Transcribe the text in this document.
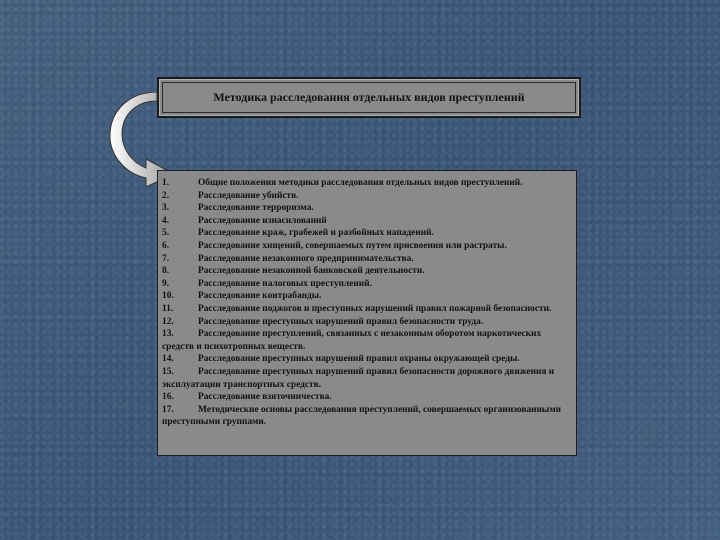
Методика расследования отдельных видов преступлений
1.	Общие положения методики расследования отдельных видов преступлений.
2.	Расследование убийств.
3.	Расследование терроризма.
4.	Расследование изнасилований
5.	Расследование краж, грабежей и разбойных нападений.
6.	Расследование хищений, совершаемых путем присвоения или растраты.
7.	Расследование незаконного предпринимательства.
8.	Расследование незаконной банковской деятельности.
9.	Расследование налоговых преступлений.
10.	Расследование контрабанды.
11.	Расследование поджогов и преступных нарушений правил пожарной безопасности.
12.	Расследование преступных нарушений правил безопасности труда.
13.	Расследование преступлений, связанных с незаконным оборотом наркотических средств и психотропных веществ.
14.	Расследование преступных нарушений правил охраны окружающей среды.
15.	Расследование преступных нарушений правил безопасности дорожного движения и эксплуатации транспортных средств.
16.	Расследование взяточничества.
17.	Методические основы расследования преступлений, совершаемых организованными преступными группами.
